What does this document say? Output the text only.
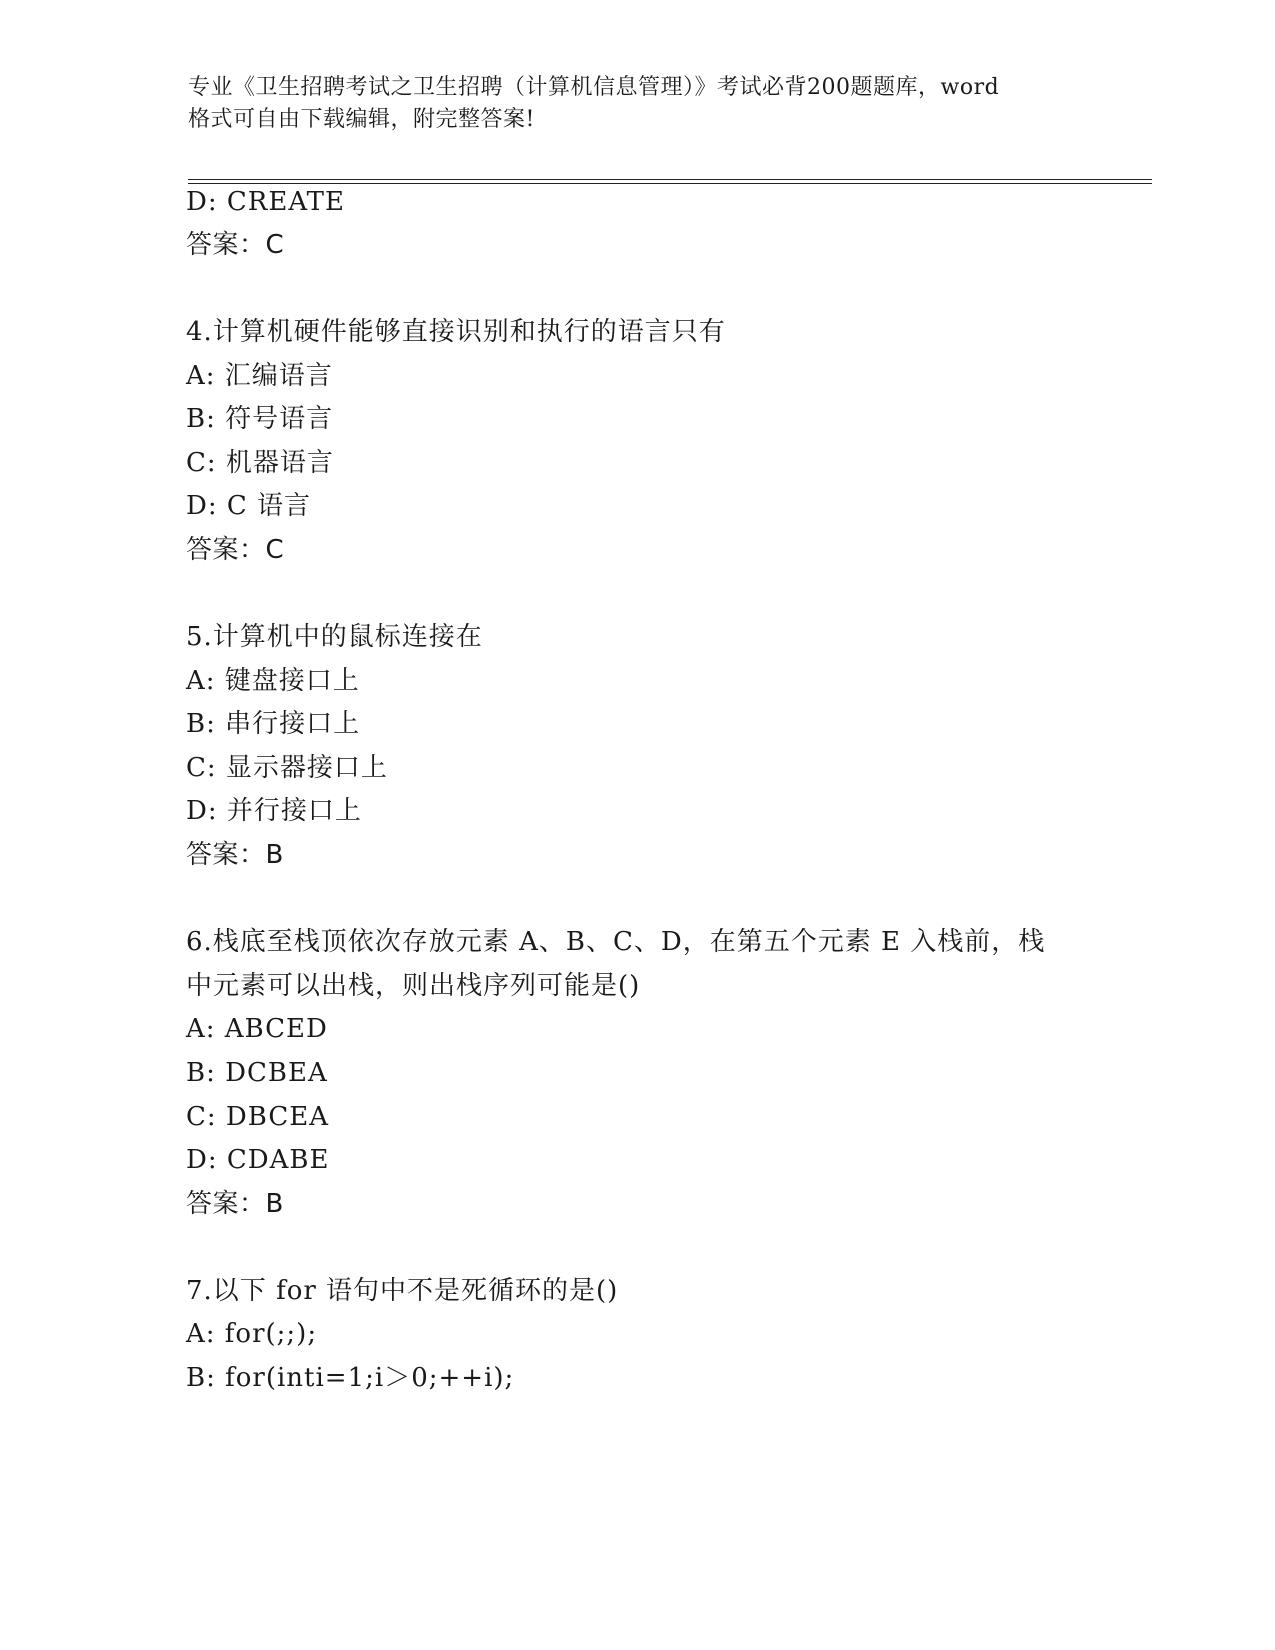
专业《卫生招聘考试之卫生招聘（计算机信息管理）》考试必背200题题库，word
格式可自由下载编辑，附完整答案!
D: CREATE
答案：C
4.计算机硬件能够直接识别和执行的语言只有
A: 汇编语言
B: 符号语言
C: 机器语言
D: C 语言
答案：C
5.计算机中的鼠标连接在
A: 键盘接口上
B: 串行接口上
C: 显示器接口上
D: 并行接口上
答案：B
6.栈底至栈顶依次存放元素 A、B、C、D，在第五个元素 E 入栈前，栈
中元素可以出栈，则出栈序列可能是()
A: ABCED
B: DCBEA
C: DBCEA
D: CDABE
答案：B
7.以下 for 语句中不是死循环的是()
A: for(;;);
B: for(inti=1;i＞0;++i);
